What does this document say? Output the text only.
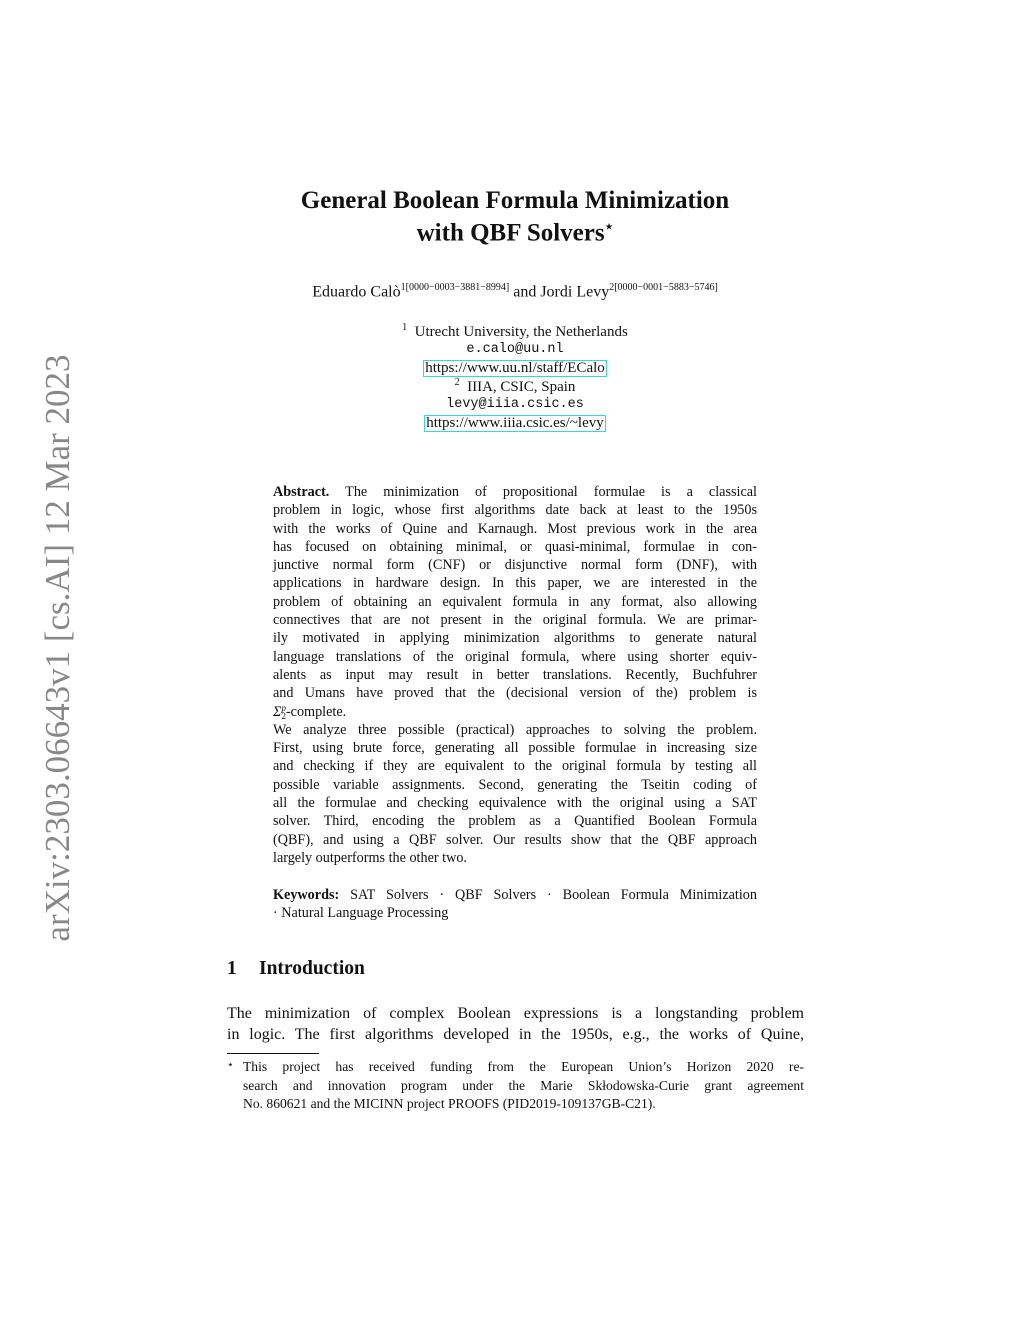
arXiv:2303.06643v1 [cs.AI] 12 Mar 2023
General Boolean Formula Minimization
with QBF Solvers⋆
Eduardo Calò$^{1[0000-0003-3881-8994]}$ and Jordi Levy$^{2[0000-0001-5883-5746]}$
$^1$ Utrecht University, the Netherlands
e.calo@uu.nl
https://www.uu.nl/staff/ECalo
$^2$ IIIA, CSIC, Spain
levy@iiia.csic.es
https://www.iiia.csic.es/~levy
Abstract. The minimization of propositional formulae is a classical
problem in logic, whose first algorithms date back at least to the 1950s
with the works of Quine and Karnaugh. Most previous work in the area
has focused on obtaining minimal, or quasi-minimal, formulae in con-
junctive normal form (CNF) or disjunctive normal form (DNF), with
applications in hardware design. In this paper, we are interested in the
problem of obtaining an equivalent formula in any format, also allowing
connectives that are not present in the original formula. We are primar-
ily motivated in applying minimization algorithms to generate natural
language translations of the original formula, where using shorter equiv-
alents as input may result in better translations. Recently, Buchfuhrer
and Umans have proved that the (decisional version of the) problem is
Σ p
2 -complete.
We analyze three possible (practical) approaches to solving the problem.
First, using brute force, generating all possible formulae in increasing size
and checking if they are equivalent to the original formula by testing all
possible variable assignments. Second, generating the Tseitin coding of
all the formulae and checking equivalence with the original using a SAT
solver. Third, encoding the problem as a Quantified Boolean Formula
(QBF), and using a QBF solver. Our results show that the QBF approach
largely outperforms the other two.
Keywords: SAT Solvers · QBF Solvers · Boolean Formula Minimization
· Natural Language Processing
1 Introduction
The minimization of complex Boolean expressions is a longstanding problem
in logic. The first algorithms developed in the 1950s, e.g., the works of Quine,
⋆ This project has received funding from the European Union’s Horizon 2020 re-
search and innovation program under the Marie Skłodowska-Curie grant agreement
No. 860621 and the MICINN project PROOFS (PID2019-109137GB-C21).
